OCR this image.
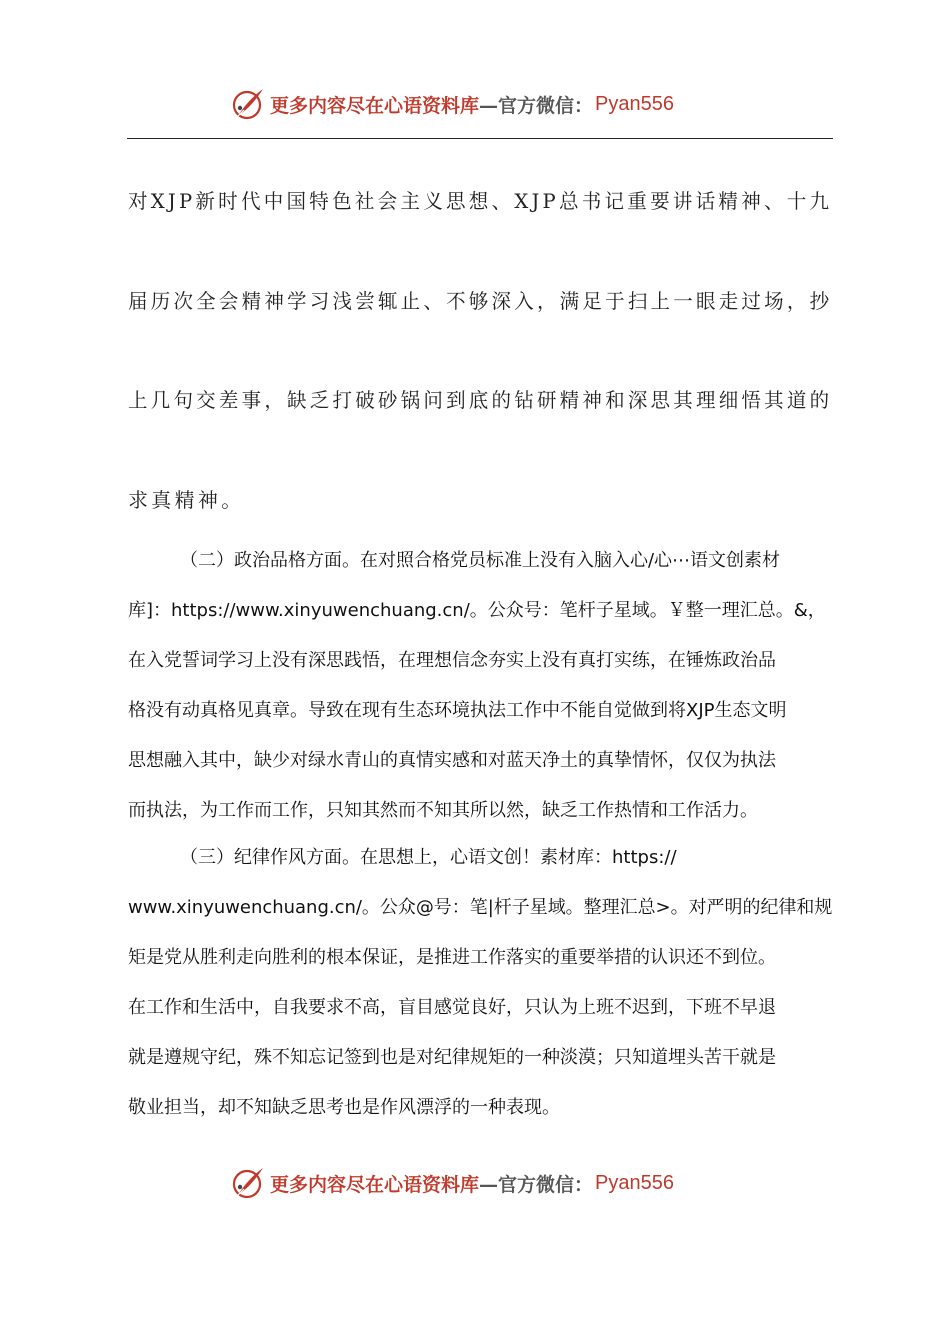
更多内容尽在心语资料库 —官方微信： Pyan556
对XJP新时代中国特色社会主义思想、XJP总书记重要讲话精神、十九
届历次全会精神学习浅尝辄止、不够深入，满足于扫上一眼走过场，抄
上几句交差事，缺乏打破砂锅问到底的钻研精神和深思其理细悟其道的
求真精神。
（二）政治品格方面。在对照合格党员标准上没有入脑入心/心⋯语文创素材
库]：https://www.xinyuwenchuang.cn/。公众号：笔杆子星域。￥整一理汇总。&，
在入党誓词学习上没有深思践悟，在理想信念夯实上没有真打实练，在锤炼政治品
格没有动真格见真章。导致在现有生态环境执法工作中不能自觉做到将XJP生态文明
思想融入其中，缺少对绿水青山的真情实感和对蓝天净土的真挚情怀，仅仅为执法
而执法，为工作而工作，只知其然而不知其所以然，缺乏工作热情和工作活力。
（三）纪律作风方面。在思想上，心语文创！素材库：https://
www.xinyuwenchuang.cn/。公众@号：笔|杆子星域。整理汇总>。对严明的纪律和规
矩是党从胜利走向胜利的根本保证，是推进工作落实的重要举措的认识还不到位。
在工作和生活中，自我要求不高，盲目感觉良好，只认为上班不迟到，下班不早退
就是遵规守纪，殊不知忘记签到也是对纪律规矩的一种淡漠；只知道埋头苦干就是
敬业担当，却不知缺乏思考也是作风漂浮的一种表现。
更多内容尽在心语资料库 —官方微信： Pyan556
